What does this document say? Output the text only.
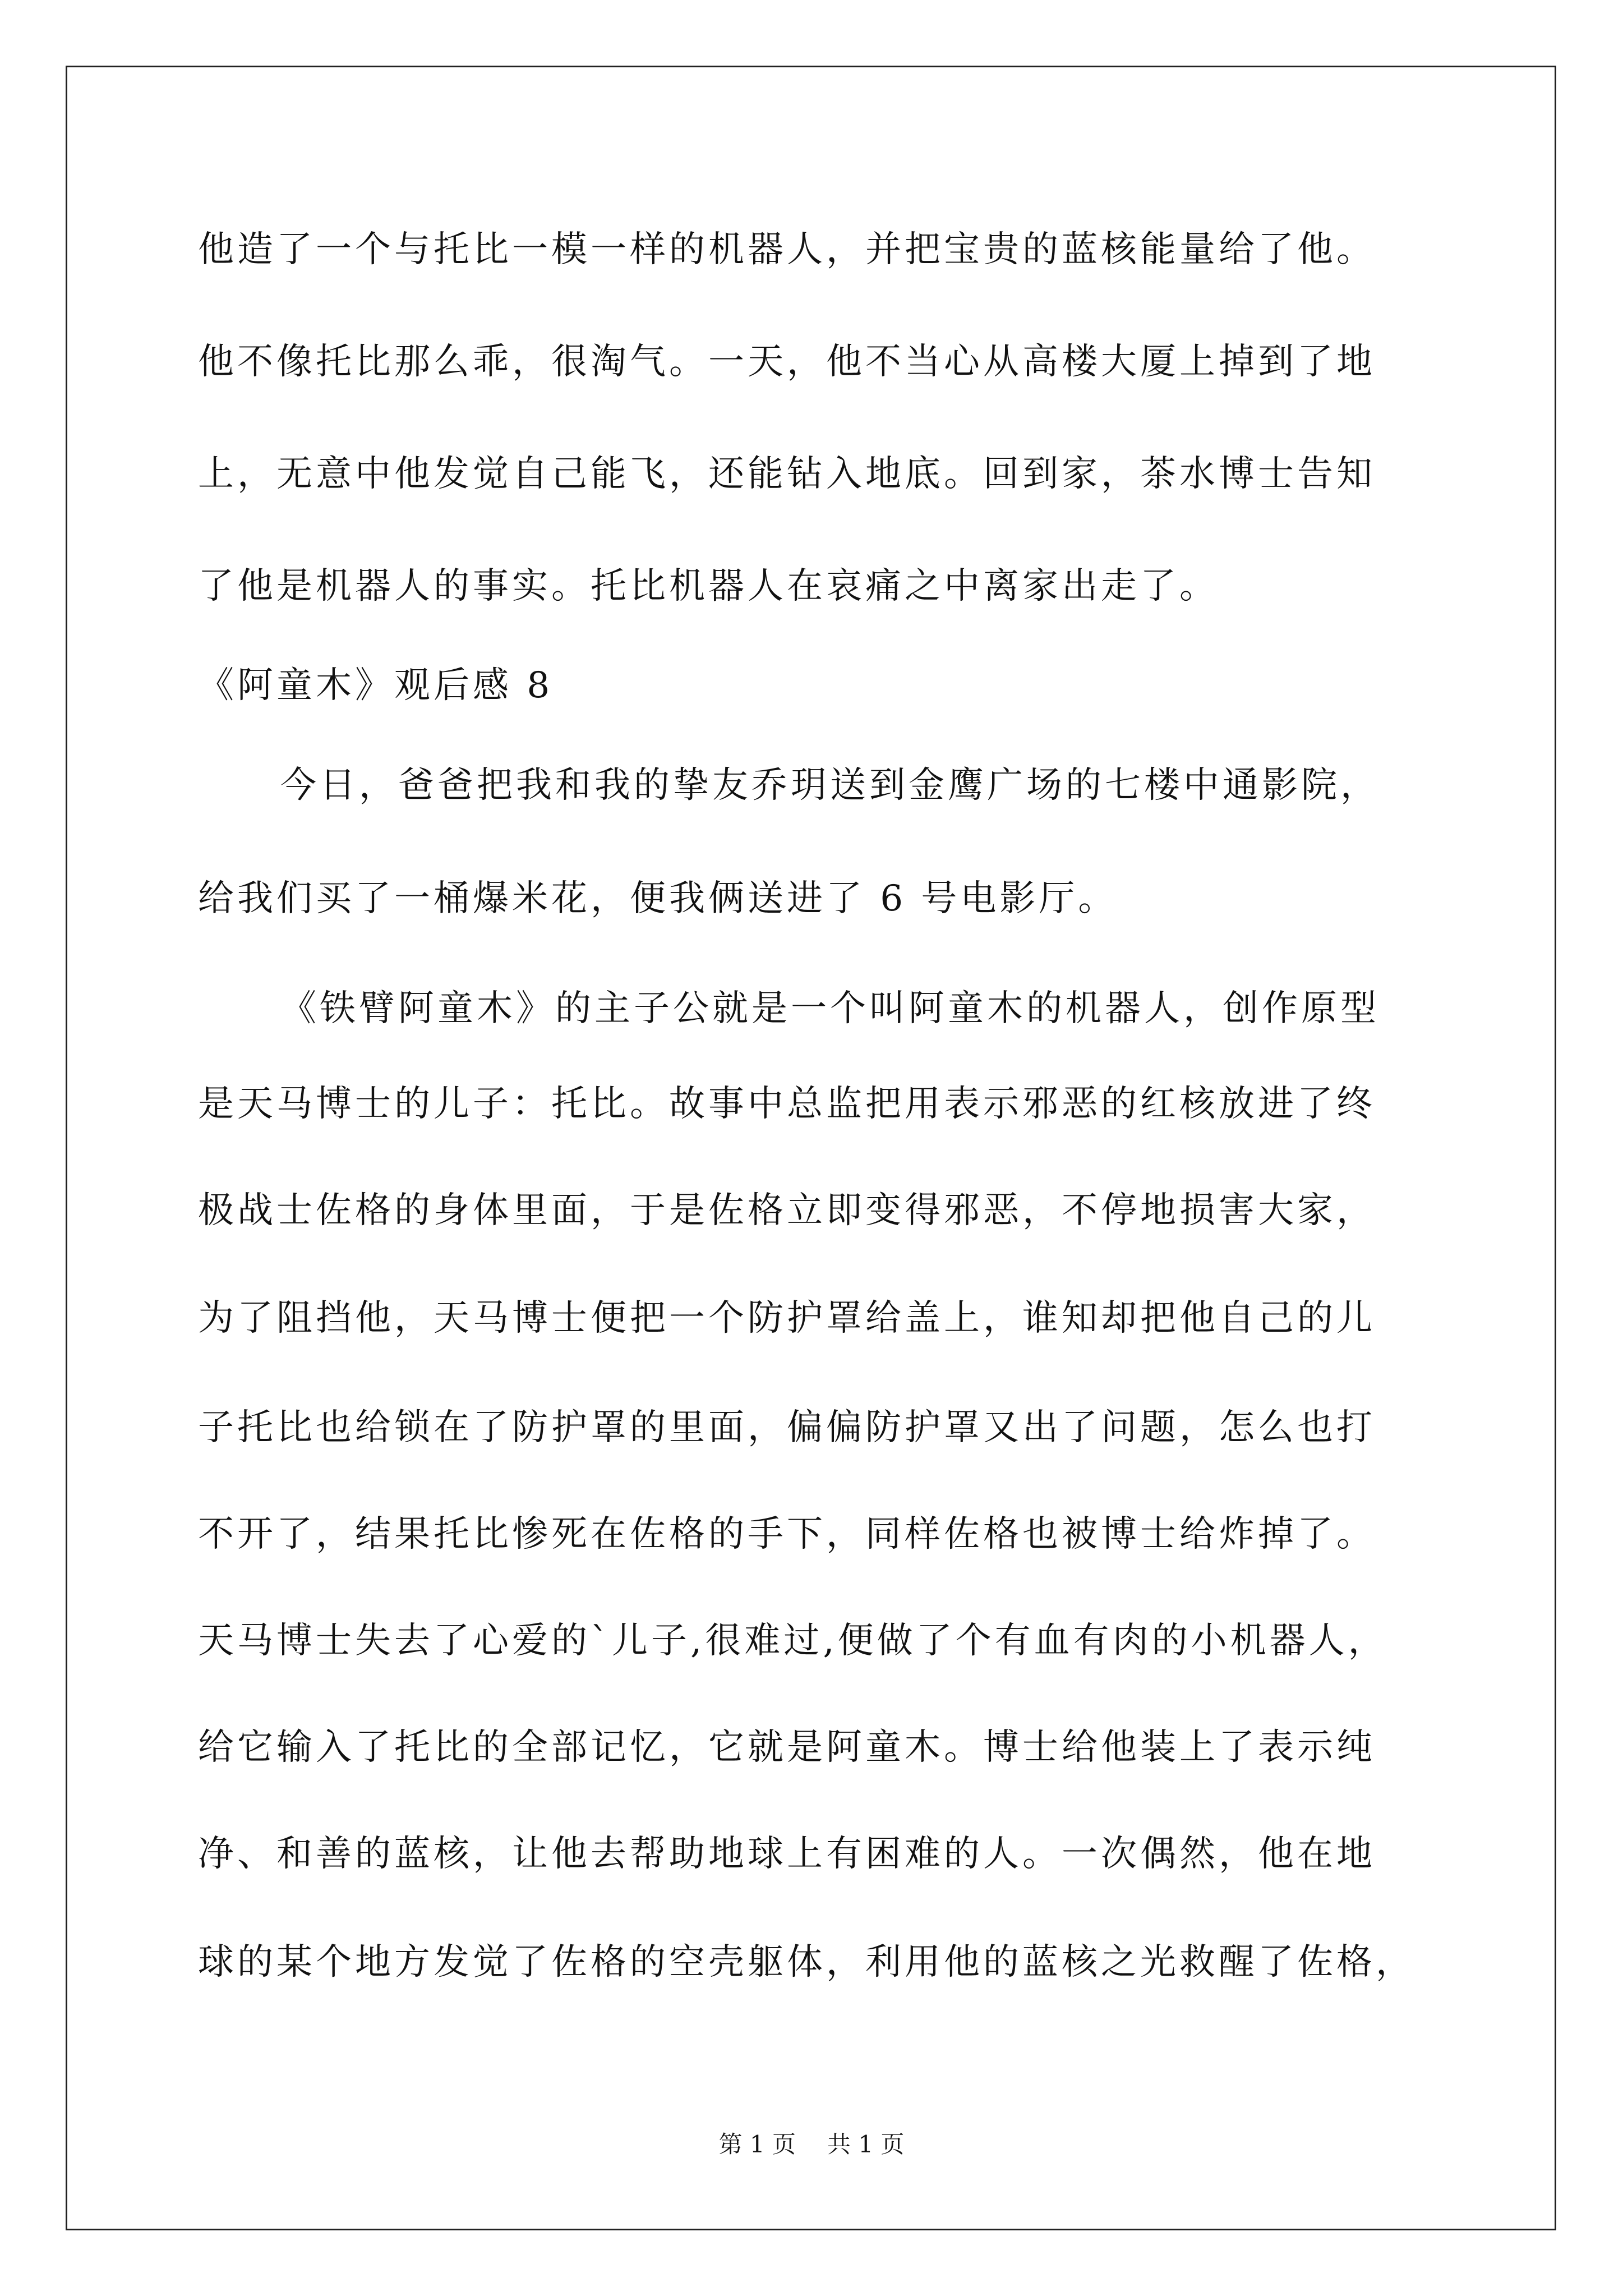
他造了一个与托比一模一样的机器人，并把宝贵的蓝核能量给了他。
他不像托比那么乖，很淘气。一天，他不当心从高楼大厦上掉到了地
上，无意中他发觉自己能飞，还能钻入地底。回到家，茶水博士告知
了他是机器人的事实。托比机器人在哀痛之中离家出走了。
《阿童木》观后感 8
今日，爸爸把我和我的挚友乔玥送到金鹰广场的七楼中通影院，
给我们买了一桶爆米花，便我俩送进了 6 号电影厅。
《铁臂阿童木》的主子公就是一个叫阿童木的机器人，创作原型
是天马博士的儿子：托比。故事中总监把用表示邪恶的红核放进了终
极战士佐格的身体里面，于是佐格立即变得邪恶，不停地损害大家，
为了阻挡他，天马博士便把一个防护罩给盖上，谁知却把他自己的儿
子托比也给锁在了防护罩的里面，偏偏防护罩又出了问题，怎么也打
不开了，结果托比惨死在佐格的手下，同样佐格也被博士给炸掉了。
天马博士失去了心爱的`儿子,很难过,便做了个有血有肉的小机器人，
给它输入了托比的全部记忆，它就是阿童木。博士给他装上了表示纯
净、和善的蓝核，让他去帮助地球上有困难的人。一次偶然，他在地
球的某个地方发觉了佐格的空壳躯体，利用他的蓝核之光救醒了佐格，
第 1 页 共 1 页
